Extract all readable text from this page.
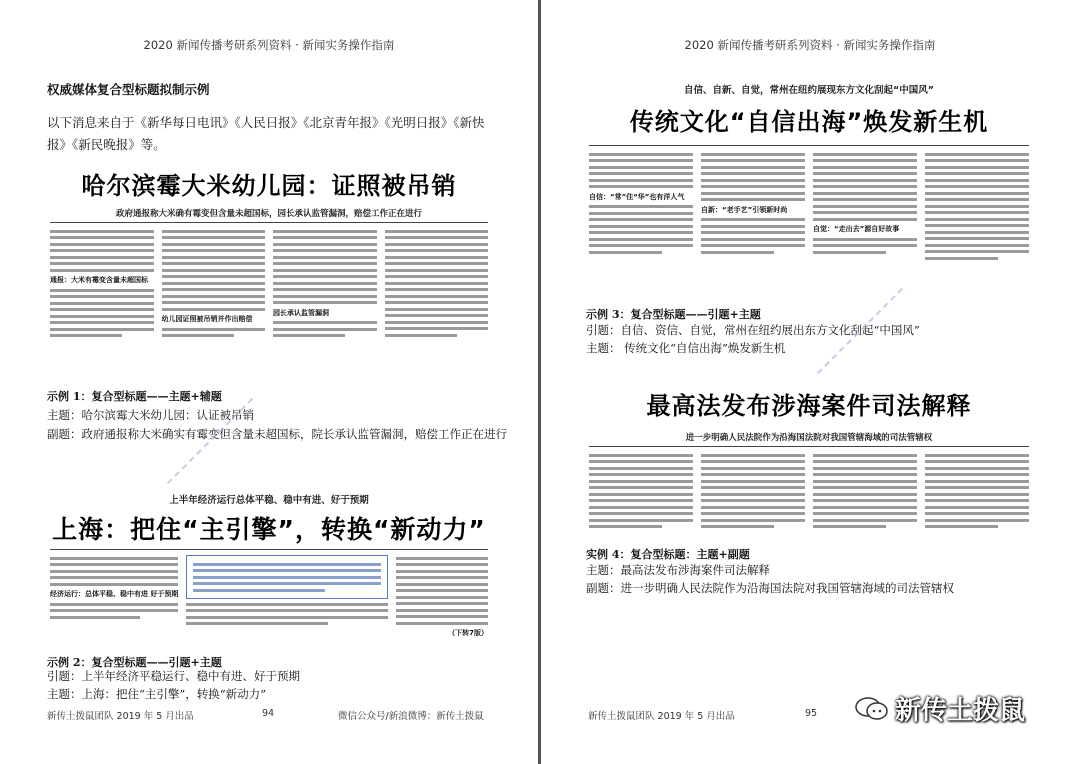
2020 新闻传播考研系列资料 · 新闻实务操作指南
权威媒体复合型标题拟制示例
以下消息来自于《新华每日电讯》《人民日报》《北京青年报》《光明日报》《新快报》《新民晚报》等。
哈尔滨霉大米幼儿园：证照被吊销
政府通报称大米确有霉变但含量未超国标，园长承认监管漏洞，赔偿工作正在进行
通报：大米有霉变含量未超国标
幼儿园证照被吊销并作出赔偿
园长承认监管漏洞
示例 1：复合型标题——主题+辅题
主题：哈尔滨霉大米幼儿园：认证被吊销
副题：政府通报称大米确实有霉变但含量未超国标，院长承认监管漏洞，赔偿工作正在进行
上半年经济运行总体平稳、稳中有进、好于预期
上海：把住“主引擎”，转换“新动力”
经济运行：总体平稳、稳中有进 好于预期
（下转7版）
示例 2：复合型标题——引题+主题
引题：上半年经济平稳运行、稳中有进、好于预期
主题：上海：把住“主引擎”，转换“新动力”
新传土拨鼠团队 2019 年 5 月出品	94	微信公众号/新浪微博：新传土拨鼠
2020 新闻传播考研系列资料 · 新闻实务操作指南
自信、自新、自觉，常州在纽约展现东方文化刮起“中国风”
传统文化“自信出海”焕发新生机
自信：“常”住“华”也有洋人气
自新：“老手艺”引领新时尚
自觉：“走出去”源自好故事
示例 3：复合型标题——引题+主题
引题：自信、资信、自觉，常州在纽约展出东方文化刮起“中国风”
主题： 传统文化“自信出海”焕发新生机
最高法发布涉海案件司法解释
进一步明确人民法院作为沿海国法院对我国管辖海域的司法管辖权
实例 4：复合型标题：主题+副题
主题：最高法发布涉海案件司法解释
副题：进一步明确人民法院作为沿海国法院对我国管辖海域的司法管辖权
新传土拨鼠团队 2019 年 5 月出品	95	新传土拨鼠
